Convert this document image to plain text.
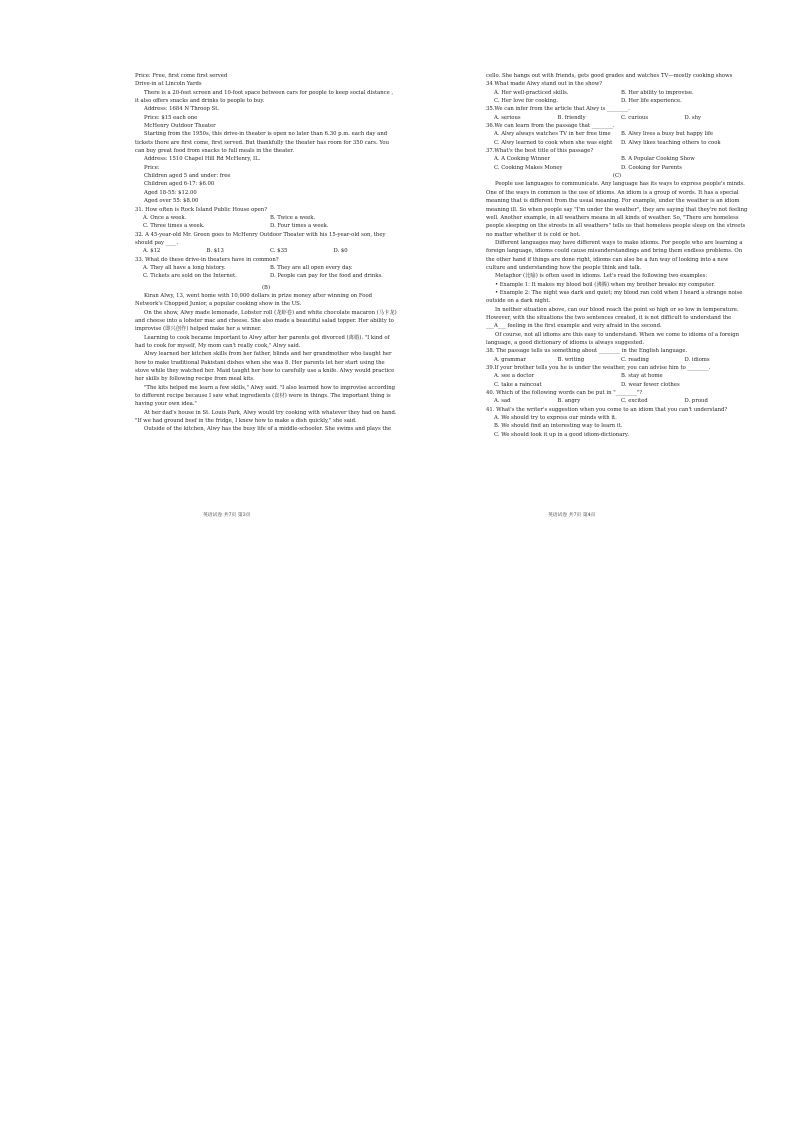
Price: Free, first come first served

Drive-in at Lincoln Yards

There is a 20-feet screen and 10-foot space between cars for people to keep social distance , it also offers snacks and drinks to people to buy.

Address: 1684 N Throop St.

Price: $15 each one

McHenry Outdoor Theater

Starting from the 1950s, this drive-in theater is open no later than 6.30 p.m. each day and tickets there are first come, first served. But thankfully the theater has room for 350 cars. You can buy great food from snacks to full meals in the theater.

Address: 1510 Chapel Hill Rd McHenry, IL.

Price:

Children aged 5 and under: free

Children aged 6-17: $6.00

Aged 18-55: $12.00

Aged over 55: $8.00

31. How often is Rock Island Public House open?

A. Once a week.	B. Twice a week.
C. Three times a week.	D. Four times a week.

32. A 45-year-old Mr. Green goes to McHenry Outdoor Theater with his 15-year-old son, they should pay ____.

A. $12	B. $13	C. $35	D. $0

33. What do these drive-in theaters have in common?

A. They all have a long history.	B. They are all open every day.
C. Tickets are sold on the Internet.	D. People can pay for the food and drinks.

(B)

Kiran Alwy, 13, went home with 10,000 dollars in prize money after winning on Food Network's Chopped Junior, a popular cooking show in the US.

On the show, Alwy made lemonade, Lobster roll (龙虾卷) and white chocolate macaron (马卡龙) and cheese into a lobster mac and cheese. She also made a beautiful salad topper. Her ability to improvise (即兴创作) helped make her a winner.

Learning to cook became important to Alwy after her parents got divorced (离婚). "I kind of had to cook for myself, My mom can't really cook," Alwy said.

Alwy learned her kitchen skills from her father, blinds and her grandmother who taught her how to make traditional Pakistani dishes when she was 8. Her parents let her start using the stove while they watched her. Maid taught her how to carefully use a knife. Alwy would practice her skills by following recipe from meal kits.

"The kits helped me learn a few skills," Alwy said. "I also learned how to improvise according to different recipe because I saw what ingredients (食材) were in things. The important thing is having your own idea."

At her dad's house in St. Louis Park, Alwy would try cooking with whatever they had on hand. "If we had ground beef in the fridge, I knew how to make a dish quickly," she said.

Outside of the kitchen, Alwy has the busy life of a middle-schooler. She swims and plays the

英语试卷 共7页 第3页

cello. She hangs out with friends, gets good grades and watches TV—mostly cooking shows

34 What made Alwy stand out in the show?

A. Her well-practiced skills.	B. Her ability to improvise.
C. Her love for cooking.	D. Her life experience.

35.We can infer from the article that Alwy is ________.

A. serious	B. friendly	C. curious	D. shy

36.We can learn from the passage that ________.

A. Alwy always watches TV in her free time	B. Alwy lives a busy but happy life
C. Alwy learned to cook when she was eight	D. Alwy likes teaching others to cook

37.What's the best title of this passage?

A. A Cooking Winner	B. A Popular Cooking Show
C. Cooking Makes Money	D. Cooking for Parents

(C)

People use languages to communicate. Any language has its ways to express people's minds. One of the ways in common is the use of idioms. An idiom is a group of words. It has a special meaning that is different from the usual meaning. For example, under the weather is an idiom meaning ill. So when people say "I'm under the weather", they are saying that they're not feeling well. Another example, in all weathers means in all kinds of weather. So, "There are homeless people sleeping on the streets in all weathers" tells us that homeless people sleep on the streets no matter whether it is cold or hot.

Different languages may have different ways to make idioms. For people who are learning a foreign language, idioms could cause misunderstandings and bring them endless problems. On the other hand if things are done right, idioms can also be a fun way of looking into a new culture and understanding how the people think and talk.

Metaphor (比喻) is often used in idioms. Let's read the following two examples:

• Example 1: It makes my blood boil (沸腾) when my brother breaks my computer.

• Example 2: The night was dark and quiet; my blood ran cold when I heard a strange noise outside on a dark night.

In neither situation above, can our blood reach the point so high or so low in temperature. However, with the situations the two sentences created, it is not difficult to understand the ___A___ feeling in the first example and very afraid in the second.

Of course, not all idioms are this easy to understand. When we come to idioms of a foreign language, a good dictionary of idioms is always suggested.

38. The passage tells us something about ________ in the English language.

A. grammar	B. writing	C. reading	D. idioms

39.If your brother tells you he is under the weather, you can advise him to ________.

A. see a doctor	B. stay at home
C. take a raincoat	D. wear fewer clothes

40. Which of the following words can be put in "________"?

A. sad	B. angry	C. excited	D. proud

41. What's the writer's suggestion when you come to an idiom that you can't understand?

A. We should try to express our minds with it.
B. We should find an interesting way to learn it.
C. We should look it up in a good idiom-dictionary.
英语试卷 共7页 第4页
